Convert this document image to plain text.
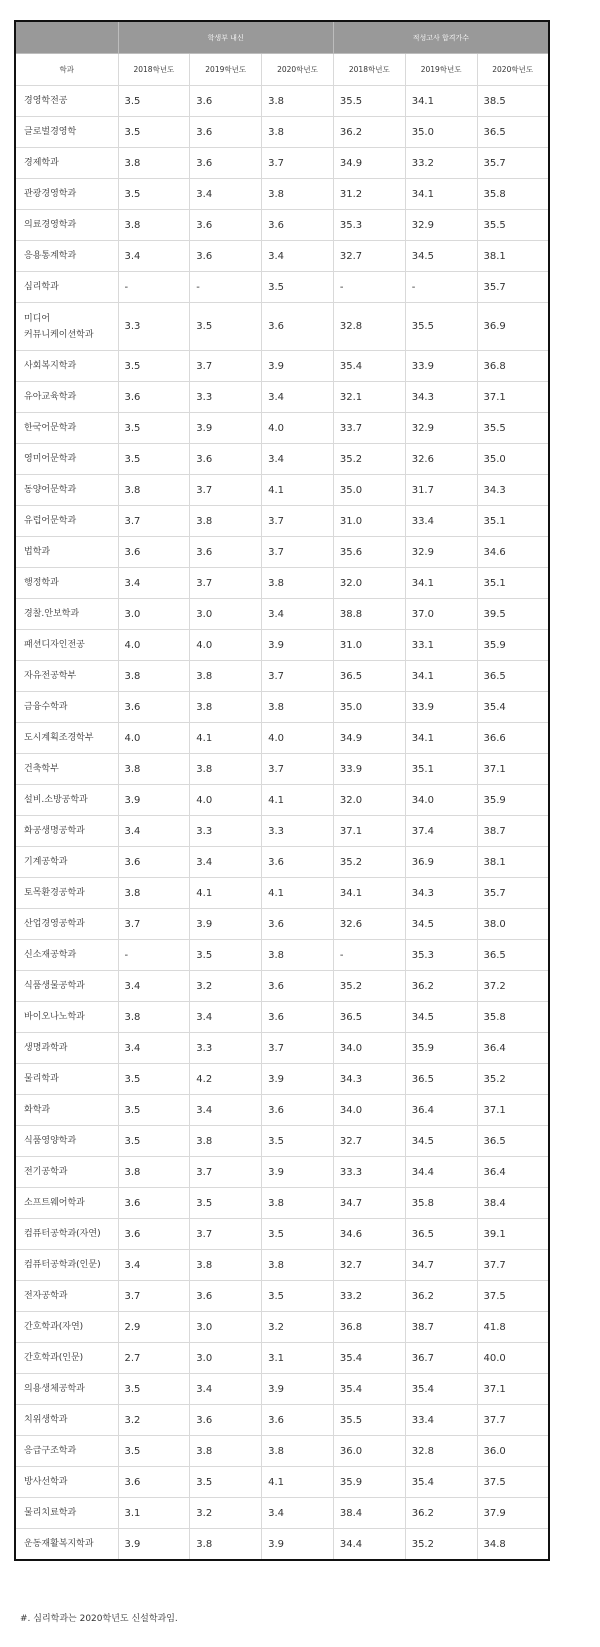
	학생부 내신			적성고사 합격가수		
학과	2018학년도	2019학년도	2020학년도	2018학년도	2019학년도	2020학년도
경영학전공	3.5	3.6	3.8	35.5	34.1	38.5
글로벌경영학	3.5	3.6	3.8	36.2	35.0	36.5
경제학과	3.8	3.6	3.7	34.9	33.2	35.7
관광경영학과	3.5	3.4	3.8	31.2	34.1	35.8
의료경영학과	3.8	3.6	3.6	35.3	32.9	35.5
응용통계학과	3.4	3.6	3.4	32.7	34.5	38.1
심리학과	-	-	3.5	-	-	35.7
미디어
커뮤니케이션학과	3.3	3.5	3.6	32.8	35.5	36.9
사회복지학과	3.5	3.7	3.9	35.4	33.9	36.8
유아교육학과	3.6	3.3	3.4	32.1	34.3	37.1
한국어문학과	3.5	3.9	4.0	33.7	32.9	35.5
영미어문학과	3.5	3.6	3.4	35.2	32.6	35.0
동양어문학과	3.8	3.7	4.1	35.0	31.7	34.3
유럽어문학과	3.7	3.8	3.7	31.0	33.4	35.1
법학과	3.6	3.6	3.7	35.6	32.9	34.6
행정학과	3.4	3.7	3.8	32.0	34.1	35.1
경찰.안보학과	3.0	3.0	3.4	38.8	37.0	39.5
패션디자인전공	4.0	4.0	3.9	31.0	33.1	35.9
자유전공학부	3.8	3.8	3.7	36.5	34.1	36.5
금융수학과	3.6	3.8	3.8	35.0	33.9	35.4
도시계획조경학부	4.0	4.1	4.0	34.9	34.1	36.6
건축학부	3.8	3.8	3.7	33.9	35.1	37.1
설비.소방공학과	3.9	4.0	4.1	32.0	34.0	35.9
화공생명공학과	3.4	3.3	3.3	37.1	37.4	38.7
기계공학과	3.6	3.4	3.6	35.2	36.9	38.1
토목환경공학과	3.8	4.1	4.1	34.1	34.3	35.7
산업경영공학과	3.7	3.9	3.6	32.6	34.5	38.0
신소재공학과	-	3.5	3.8	-	35.3	36.5
식품생물공학과	3.4	3.2	3.6	35.2	36.2	37.2
바이오나노학과	3.8	3.4	3.6	36.5	34.5	35.8
생명과학과	3.4	3.3	3.7	34.0	35.9	36.4
물리학과	3.5	4.2	3.9	34.3	36.5	35.2
화학과	3.5	3.4	3.6	34.0	36.4	37.1
식품영양학과	3.5	3.8	3.5	32.7	34.5	36.5
전기공학과	3.8	3.7	3.9	33.3	34.4	36.4
소프트웨어학과	3.6	3.5	3.8	34.7	35.8	38.4
컴퓨터공학과(자연)	3.6	3.7	3.5	34.6	36.5	39.1
컴퓨터공학과(인문)	3.4	3.8	3.8	32.7	34.7	37.7
전자공학과	3.7	3.6	3.5	33.2	36.2	37.5
간호학과(자연)	2.9	3.0	3.2	36.8	38.7	41.8
간호학과(인문)	2.7	3.0	3.1	35.4	36.7	40.0
의용생체공학과	3.5	3.4	3.9	35.4	35.4	37.1
치위생학과	3.2	3.6	3.6	35.5	33.4	37.7
응급구조학과	3.5	3.8	3.8	36.0	32.8	36.0
방사선학과	3.6	3.5	4.1	35.9	35.4	37.5
물리치료학과	3.1	3.2	3.4	38.4	36.2	37.9
운동재활복지학과	3.9	3.8	3.9	34.4	35.2	34.8
#. 심리학과는 2020학년도 신설학과임.
